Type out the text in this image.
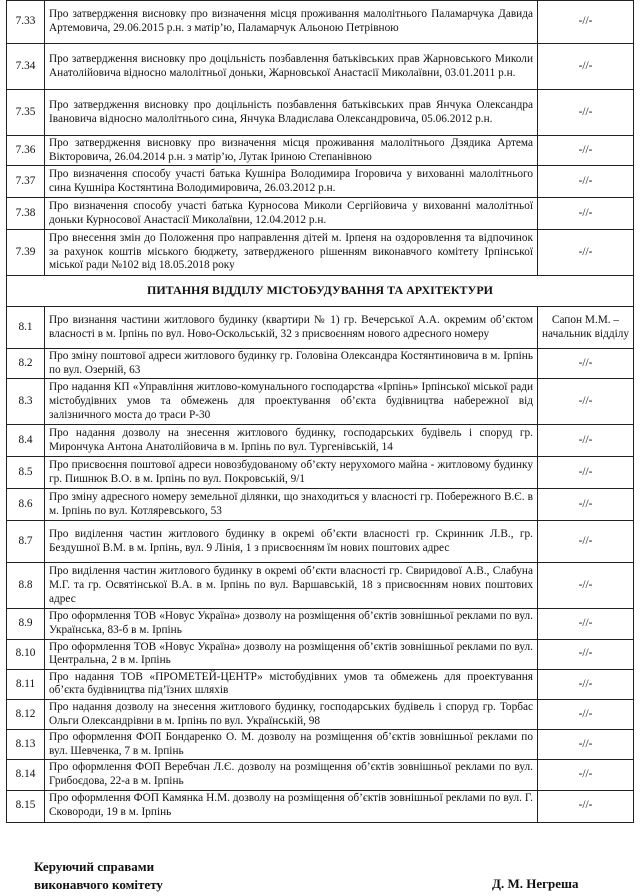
7.33	Про затвердження висновку про визначення місця проживання малолітнього Паламарчука Давида Артемовича, 29.06.2015 р.н. з матір’ю, Паламарчук Альоною Петрівною	-//-
7.34	Про затвердження висновку про доцільність позбавлення батьківських прав Жарновського Миколи Анатолійовича відносно малолітньої доньки, Жарновської Анастасії Миколаївни, 03.01.2011 р.н.	-//-
7.35	Про затвердження висновку про доцільність позбавлення батьківських прав Янчука Олександра Івановича відносно малолітнього сина, Янчука Владислава Олександровича, 05.06.2012 р.н.	-//-
7.36	Про затвердження висновку про визначення місця проживання малолітнього Дзядика Артема Вікторовича, 26.04.2014 р.н. з матір’ю, Лутак Іриною Степанівною	-//-
7.37	Про визначення способу участі батька Кушніра Володимира Ігоровича у вихованні малолітнього сина Кушніра Костянтина Володимировича, 26.03.2012 р.н.	-//-
7.38	Про визначення способу участі батька Курносова Миколи Сергійовича у вихованні малолітньої доньки Курносової Анастасії Миколаївни, 12.04.2012 р.н.	-//-
7.39	Про внесення змін до Положення про направлення дітей м. Ірпеня на оздоровлення та відпочинок за рахунок коштів міського бюджету, затвердженого рішенням виконавчого комітету Ірпінської міської ради №102 від 18.05.2018 року	-//-
ПИТАННЯ ВІДДІЛУ МІСТОБУДУВАННЯ ТА АРХІТЕКТУРИ		
8.1	Про визнання частини житлового будинку (квартири № 1) гр. Вечерської А.А. окремим об’єктом власності в м. Ірпінь по вул. Ново-Оскольській, 32 з присвоєнням нового адресного номеру	Сапон М.М. – начальник відділу
8.2	Про зміну поштової адреси житлового будинку гр. Головіна Олександра Костянтиновича в м. Ірпінь по вул. Озерній, 63	-//-
8.3	Про надання КП «Управління житлово-комунального господарства «Ірпінь» Ірпінської міської ради містобудівних умов та обмежень для проектування об’єкта будівництва набережної від залізничного моста до траси Р-30	-//-
8.4	Про надання дозволу на знесення житлового будинку, господарських будівель і споруд гр. Мирончука Антона Анатолійовича в м. Ірпінь по вул. Тургенівській, 14	-//-
8.5	Про присвоєння поштової адреси новозбудованому об’єкту нерухомого майна - житловому будинку гр. Пишнюк В.О. в м. Ірпінь по вул. Покровській, 9/1	-//-
8.6	Про зміну адресного номеру земельної ділянки, що знаходиться у власності гр. Побережного В.Є. в м. Ірпінь по вул. Котляревського, 53	-//-
8.7	Про виділення частин житлового будинку в окремі об’єкти власності гр. Скринник Л.В., гр. Бездушної В.М. в м. Ірпінь, вул. 9 Лінія, 1 з присвоєнням їм нових поштових адрес	-//-
8.8	Про виділення частин житлового будинку в окремі об’єкти власності гр. Свиридової А.В., Слабуна М.Г. та гр. Освятінської В.А. в м. Ірпінь по вул. Варшавській, 18 з присвоєнням нових поштових адрес	-//-
8.9	Про оформлення ТОВ «Новус Україна» дозволу на розміщення об’єктів зовнішньої реклами по вул. Українська, 83-б в м. Ірпінь	-//-
8.10	Про оформлення ТОВ «Новус Україна» дозволу на розміщення об’єктів зовнішньої реклами по вул. Центральна, 2 в м. Ірпінь	-//-
8.11	Про надання ТОВ «ПРОМЕТЕЙ-ЦЕНТР» містобудівних умов та обмежень для проектування об’єкта будівництва під’їзних шляхів	-//-
8.12	Про надання дозволу на знесення житлового будинку, господарських будівель і споруд гр. Торбас Ольги Олександрівни в м. Ірпінь по вул. Українській, 98	-//-
8.13	Про оформлення ФОП Бондаренко О. М. дозволу на розміщення об’єктів зовнішньої реклами по вул. Шевченка, 7 в м. Ірпінь	-//-
8.14	Про оформлення ФОП Веребчан Л.Є. дозволу на розміщення об’єктів зовнішньої реклами по вул. Грибоєдова, 22-а в м. Ірпінь	-//-
8.15	Про оформлення ФОП Камянка Н.М. дозволу на розміщення об’єктів зовнішньої реклами по вул. Г. Сковороди, 19 в м. Ірпінь	-//-
Керуючий справами
виконавчого комітету	Д. М. Негреша
